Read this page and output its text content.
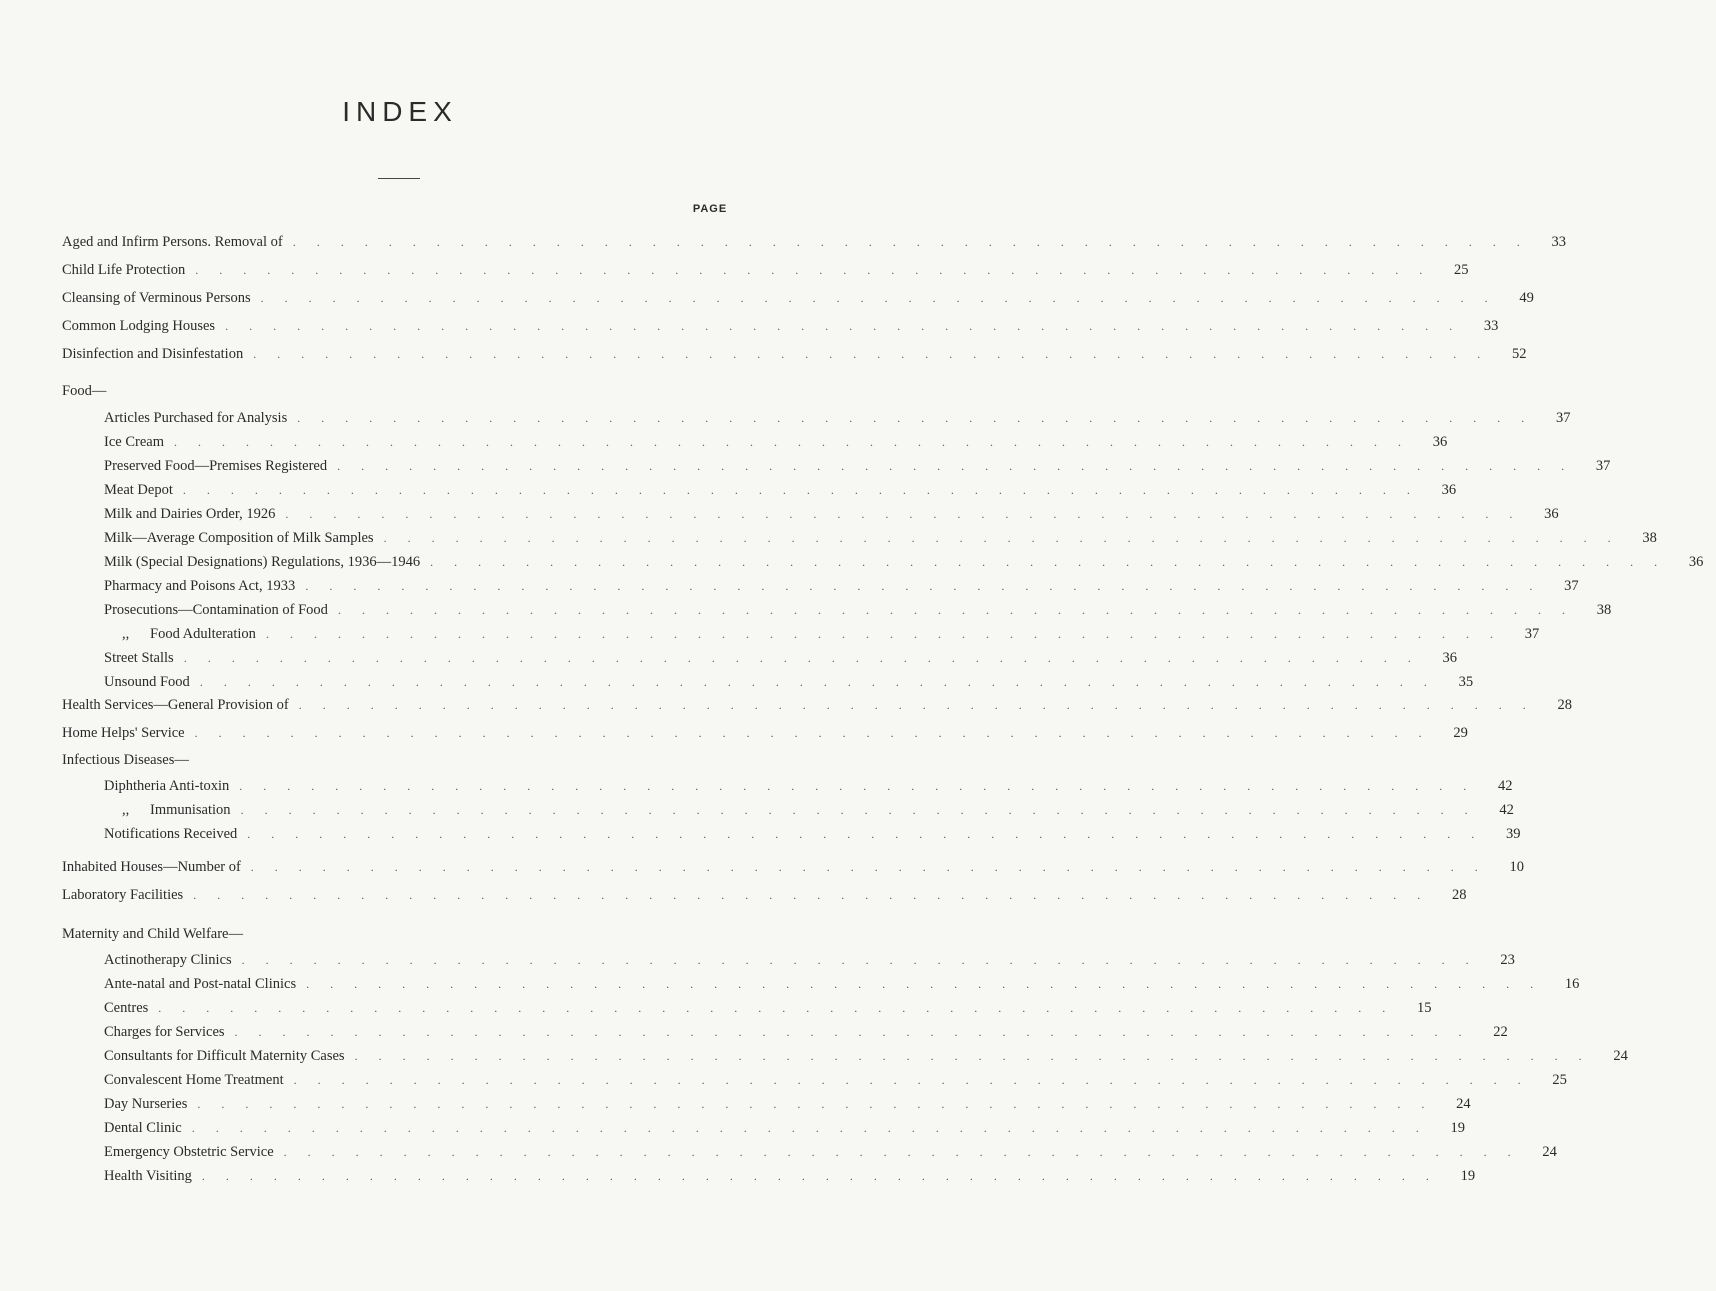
INDEX
PAGE
Aged and Infirm Persons. Removal of . . . . . . . . . . . . . . . . . . . . . . . . . . . . . . . . . . . . . . . . . . . . . . . . . . . .	33
Child Life Protection . . . . . . . . . . . . . . . . . . . . . . . . . . . . . . . . . . . . . . . . . . . . . . . . . . . .	25
Cleansing of Verminous Persons . . . . . . . . . . . . . . . . . . . . . . . . . . . . . . . . . . . . . . . . . . . . . . . . . . . .	49
Common Lodging Houses . . . . . . . . . . . . . . . . . . . . . . . . . . . . . . . . . . . . . . . . . . . . . . . . . . . .	33
Disinfection and Disinfestation . . . . . . . . . . . . . . . . . . . . . . . . . . . . . . . . . . . . . . . . . . . . . . . . . . . .	52
Food—
Articles Purchased for Analysis . . . . . . . . . . . . . . . . . . . . . . . . . . . . . . . . . . . . . . . . . . . . . . . . . . . .	37
Ice Cream . . . . . . . . . . . . . . . . . . . . . . . . . . . . . . . . . . . . . . . . . . . . . . . . . . . .	36
Preserved Food—Premises Registered . . . . . . . . . . . . . . . . . . . . . . . . . . . . . . . . . . . . . . . . . . . . . . . . . . . .	37
Meat Depot . . . . . . . . . . . . . . . . . . . . . . . . . . . . . . . . . . . . . . . . . . . . . . . . . . . .	36
Milk and Dairies Order, 1926 . . . . . . . . . . . . . . . . . . . . . . . . . . . . . . . . . . . . . . . . . . . . . . . . . . . .	36
Milk—Average Composition of Milk Samples . . . . . . . . . . . . . . . . . . . . . . . . . . . . . . . . . . . . . . . . . . . . . . . . . . . .	38
Milk (Special Designations) Regulations, 1936—1946 . . . . . . . . . . . . . . . . . . . . . . . . . . . . . . . . . . . . . . . . . . . . . . . . . . . .	36
Pharmacy and Poisons Act, 1933 . . . . . . . . . . . . . . . . . . . . . . . . . . . . . . . . . . . . . . . . . . . . . . . . . . . .	37
Prosecutions—Contamination of Food . . . . . . . . . . . . . . . . . . . . . . . . . . . . . . . . . . . . . . . . . . . . . . . . . . . .	38
,, Food Adulteration . . . . . . . . . . . . . . . . . . . . . . . . . . . . . . . . . . . . . . . . . . . . . . . . . . . .	37
Street Stalls . . . . . . . . . . . . . . . . . . . . . . . . . . . . . . . . . . . . . . . . . . . . . . . . . . . .	36
Unsound Food . . . . . . . . . . . . . . . . . . . . . . . . . . . . . . . . . . . . . . . . . . . . . . . . . . . .	35
Health Services—General Provision of . . . . . . . . . . . . . . . . . . . . . . . . . . . . . . . . . . . . . . . . . . . . . . . . . . . .	28
Home Helps' Service . . . . . . . . . . . . . . . . . . . . . . . . . . . . . . . . . . . . . . . . . . . . . . . . . . . .	29
Infectious Diseases—
Diphtheria Anti-toxin . . . . . . . . . . . . . . . . . . . . . . . . . . . . . . . . . . . . . . . . . . . . . . . . . . . .	42
,, Immunisation . . . . . . . . . . . . . . . . . . . . . . . . . . . . . . . . . . . . . . . . . . . . . . . . . . . .	42
Notifications Received . . . . . . . . . . . . . . . . . . . . . . . . . . . . . . . . . . . . . . . . . . . . . . . . . . . .	39
Inhabited Houses—Number of . . . . . . . . . . . . . . . . . . . . . . . . . . . . . . . . . . . . . . . . . . . . . . . . . . . .	10
Laboratory Facilities . . . . . . . . . . . . . . . . . . . . . . . . . . . . . . . . . . . . . . . . . . . . . . . . . . . .	28
Maternity and Child Welfare—
Actinotherapy Clinics . . . . . . . . . . . . . . . . . . . . . . . . . . . . . . . . . . . . . . . . . . . . . . . . . . . .	23
Ante-natal and Post-natal Clinics . . . . . . . . . . . . . . . . . . . . . . . . . . . . . . . . . . . . . . . . . . . . . . . . . . . .	16
Centres . . . . . . . . . . . . . . . . . . . . . . . . . . . . . . . . . . . . . . . . . . . . . . . . . . . .	15
Charges for Services . . . . . . . . . . . . . . . . . . . . . . . . . . . . . . . . . . . . . . . . . . . . . . . . . . . .	22
Consultants for Difficult Maternity Cases . . . . . . . . . . . . . . . . . . . . . . . . . . . . . . . . . . . . . . . . . . . . . . . . . . . .	24
Convalescent Home Treatment . . . . . . . . . . . . . . . . . . . . . . . . . . . . . . . . . . . . . . . . . . . . . . . . . . . .	25
Day Nurseries . . . . . . . . . . . . . . . . . . . . . . . . . . . . . . . . . . . . . . . . . . . . . . . . . . . .	24
Dental Clinic . . . . . . . . . . . . . . . . . . . . . . . . . . . . . . . . . . . . . . . . . . . . . . . . . . . .	19
Emergency Obstetric Service . . . . . . . . . . . . . . . . . . . . . . . . . . . . . . . . . . . . . . . . . . . . . . . . . . . .	24
Health Visiting . . . . . . . . . . . . . . . . . . . . . . . . . . . . . . . . . . . . . . . . . . . . . . . . . . . .	19
